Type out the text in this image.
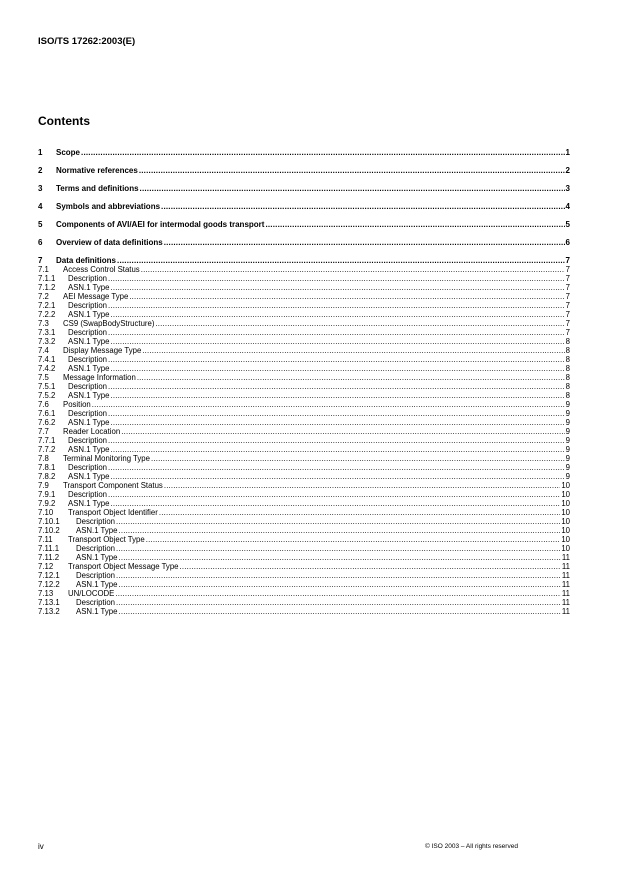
ISO/TS 17262:2003(E)
Contents
1	Scope .....	1
2	Normative references .....	2
3	Terms and definitions .....	3
4	Symbols and abbreviations .....	4
5	Components of AVI/AEI for intermodal goods transport .....	5
6	Overview of data definitions .....	6
7	Data definitions .....	7
7.1	Access Control Status .....	7
7.1.1	Description .....	7
7.1.2	ASN.1 Type .....	7
7.2	AEI Message Type .....	7
7.2.1	Description .....	7
7.2.2	ASN.1 Type .....	7
7.3	CS9 (SwapBodyStructure) .....	7
7.3.1	Description .....	7
7.3.2	ASN.1 Type .....	8
7.4	Display Message Type .....	8
7.4.1	Description .....	8
7.4.2	ASN.1 Type .....	8
7.5	Message Information .....	8
7.5.1	Description .....	8
7.5.2	ASN.1 Type .....	8
7.6	Position .....	9
7.6.1	Description .....	9
7.6.2	ASN.1 Type .....	9
7.7	Reader Location .....	9
7.7.1	Description .....	9
7.7.2	ASN.1 Type .....	9
7.8	Terminal Monitoring Type .....	9
7.8.1	Description .....	9
7.8.2	ASN.1 Type .....	9
7.9	Transport Component Status .....	10
7.9.1	Description .....	10
7.9.2	ASN.1 Type .....	10
7.10	Transport Object Identifier .....	10
7.10.1	Description .....	10
7.10.2	ASN.1 Type .....	10
7.11	Transport Object Type .....	10
7.11.1	Description .....	10
7.11.2	ASN.1 Type .....	11
7.12	Transport Object Message Type .....	11
7.12.1	Description .....	11
7.12.2	ASN.1 Type .....	11
7.13	UN/LOCODE .....	11
7.13.1	Description .....	11
7.13.2	ASN.1 Type .....	11
iv	© ISO 2003 – All rights reserved
